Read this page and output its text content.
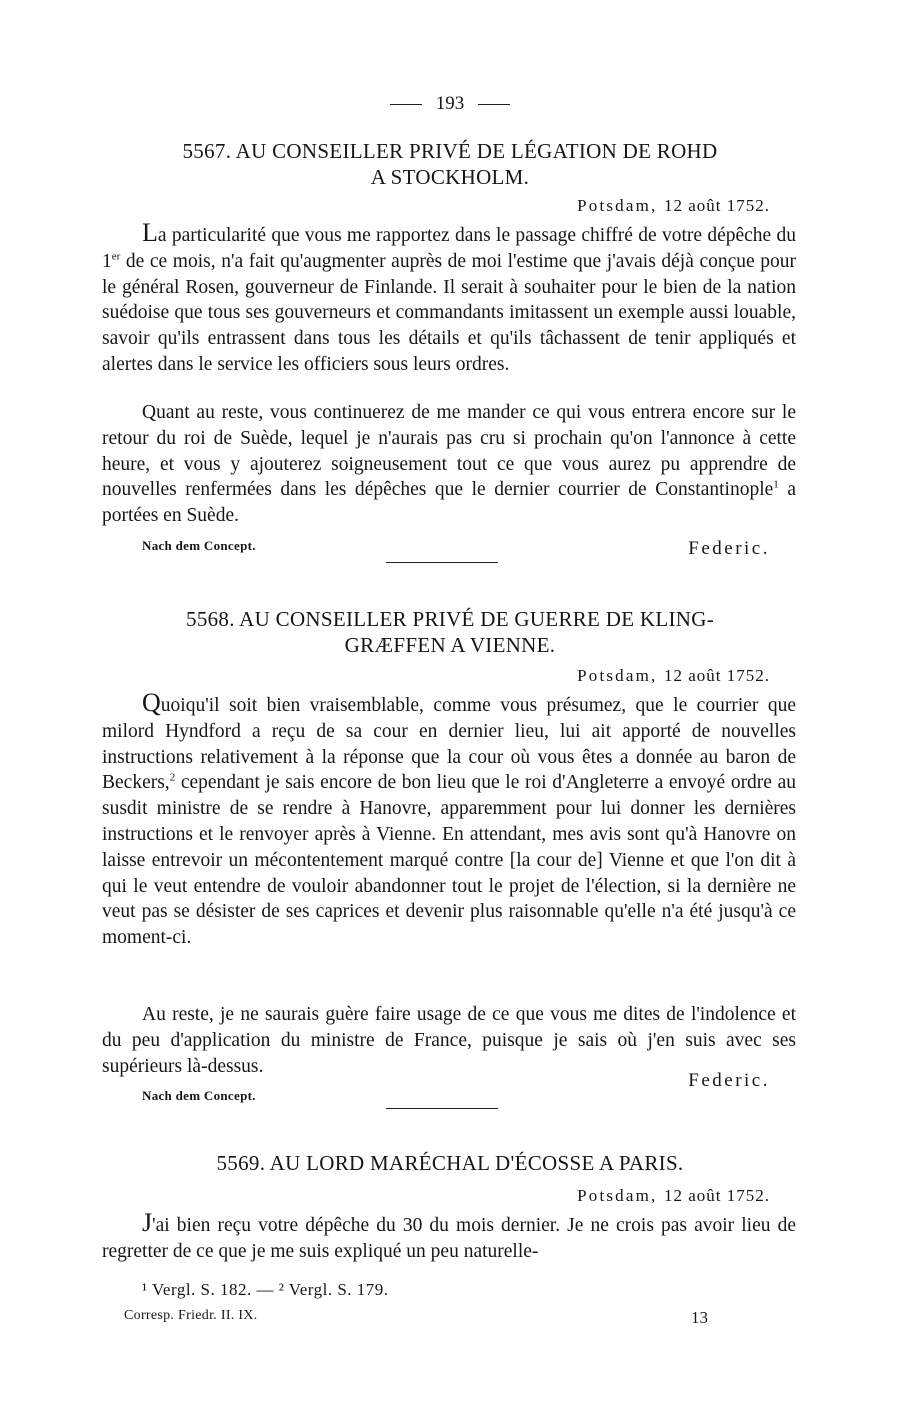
193
5567. AU CONSEILLER PRIVÉ DE LÉGATION DE ROHD
A STOCKHOLM.
Potsdam, 12 août 1752.

La particularité que vous me rapportez dans le passage chiffré de votre dépêche du 1er de ce mois, n'a fait qu'augmenter auprès de moi l'estime que j'avais déjà conçue pour le général Rosen, gouverneur de Finlande. Il serait à souhaiter pour le bien de la nation suédoise que tous ses gouverneurs et commandants imitassent un exemple aussi louable, savoir qu'ils entrassent dans tous les détails et qu'ils tâchassent de tenir appliqués et alertes dans le service les officiers sous leurs ordres.

Quant au reste, vous continuerez de me mander ce qui vous entrera encore sur le retour du roi de Suède, lequel je n'aurais pas cru si prochain qu'on l'annonce à cette heure, et vous y ajouterez soigneusement tout ce que vous aurez pu apprendre de nouvelles renfermées dans les dépêches que le dernier courrier de Constantinople$^1$ a portées en Suède.

Nach dem Concept.	Federic.
5568. AU CONSEILLER PRIVÉ DE GUERRE DE KLING-
GRÆFFEN A VIENNE.
Potsdam, 12 août 1752.

Quoiqu'il soit bien vraisemblable, comme vous présumez, que le courrier que milord Hyndford a reçu de sa cour en dernier lieu, lui ait apporté de nouvelles instructions relativement à la réponse que la cour où vous êtes a donnée au baron de Beckers,$^2$ cependant je sais encore de bon lieu que le roi d'Angleterre a envoyé ordre au susdit ministre de se rendre à Hanovre, apparemment pour lui donner les dernières instructions et le renvoyer après à Vienne. En attendant, mes avis sont qu'à Hanovre on laisse entrevoir un mécontentement marqué contre [la cour de] Vienne et que l'on dit à qui le veut entendre de vouloir abandonner tout le projet de l'élection, si la dernière ne veut pas se désister de ses caprices et devenir plus raisonnable qu'elle n'a été jusqu'à ce moment-ci.

Au reste, je ne saurais guère faire usage de ce que vous me dites de l'indolence et du peu d'application du ministre de France, puisque je sais où j'en suis avec ses supérieurs là-dessus.

Federic.
Nach dem Concept.
5569. AU LORD MARÉCHAL D'ÉCOSSE A PARIS.
Potsdam, 12 août 1752.

J'ai bien reçu votre dépêche du 30 du mois dernier. Je ne crois pas avoir lieu de regretter de ce que je me suis expliqué un peu naturelle-

¹ Vergl. S. 182. — ² Vergl. S. 179.
Corresp. Friedr. II. IX.	13
